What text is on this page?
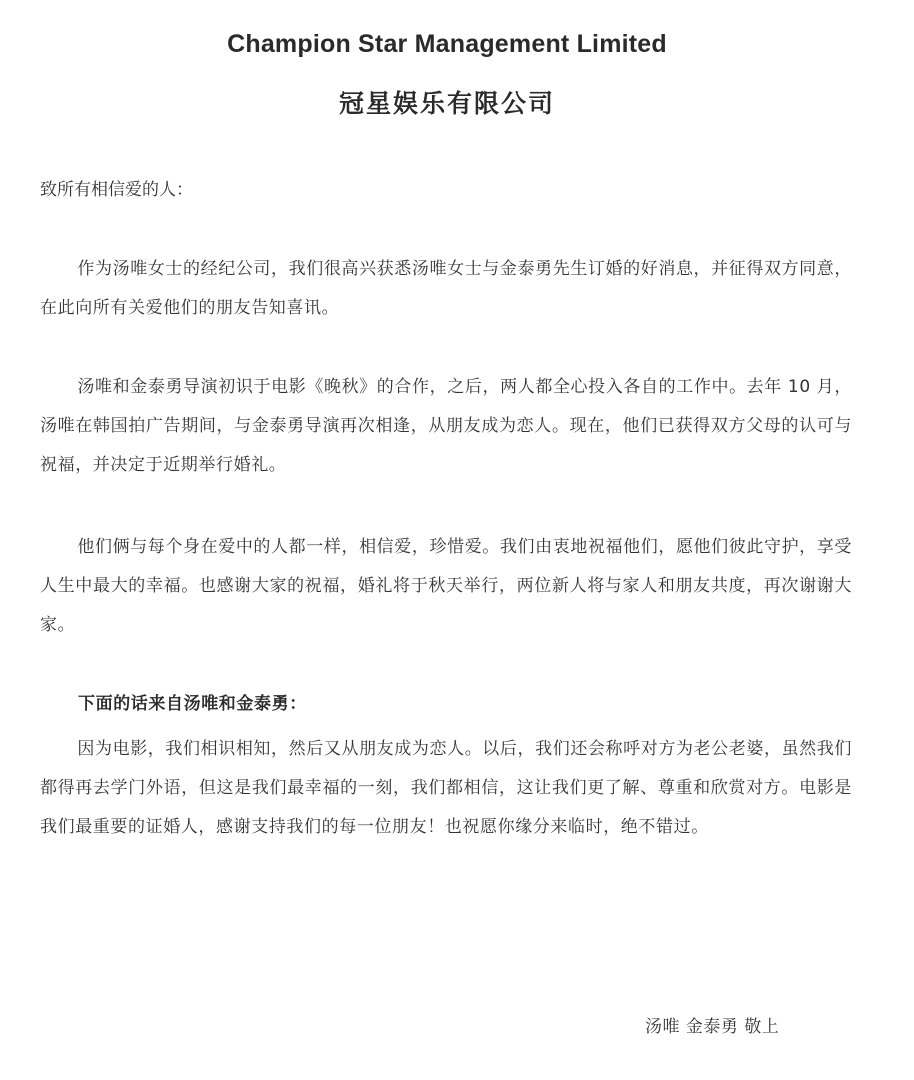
Champion Star Management Limited
冠星娱乐有限公司
致所有相信爱的人：

作为汤唯女士的经纪公司，我们很高兴获悉汤唯女士与金泰勇先生订婚的好消息，并征得双方同意，在此向所有关爱他们的朋友告知喜讯。

汤唯和金泰勇导演初识于电影《晚秋》的合作，之后，两人都全心投入各自的工作中。去年 10 月，汤唯在韩国拍广告期间，与金泰勇导演再次相逢，从朋友成为恋人。现在，他们已获得双方父母的认可与祝福，并决定于近期举行婚礼。

他们俩与每个身在爱中的人都一样，相信爱，珍惜爱。我们由衷地祝福他们，愿他们彼此守护，享受人生中最大的幸福。也感谢大家的祝福，婚礼将于秋天举行，两位新人将与家人和朋友共度，再次谢谢大家。

下面的话来自汤唯和金泰勇：

因为电影，我们相识相知，然后又从朋友成为恋人。以后，我们还会称呼对方为老公老婆，虽然我们都得再去学门外语，但这是我们最幸福的一刻，我们都相信，这让我们更了解、尊重和欣赏对方。电影是我们最重要的证婚人，感谢支持我们的每一位朋友！也祝愿你缘分来临时，绝不错过。

汤唯 金泰勇 敬上
